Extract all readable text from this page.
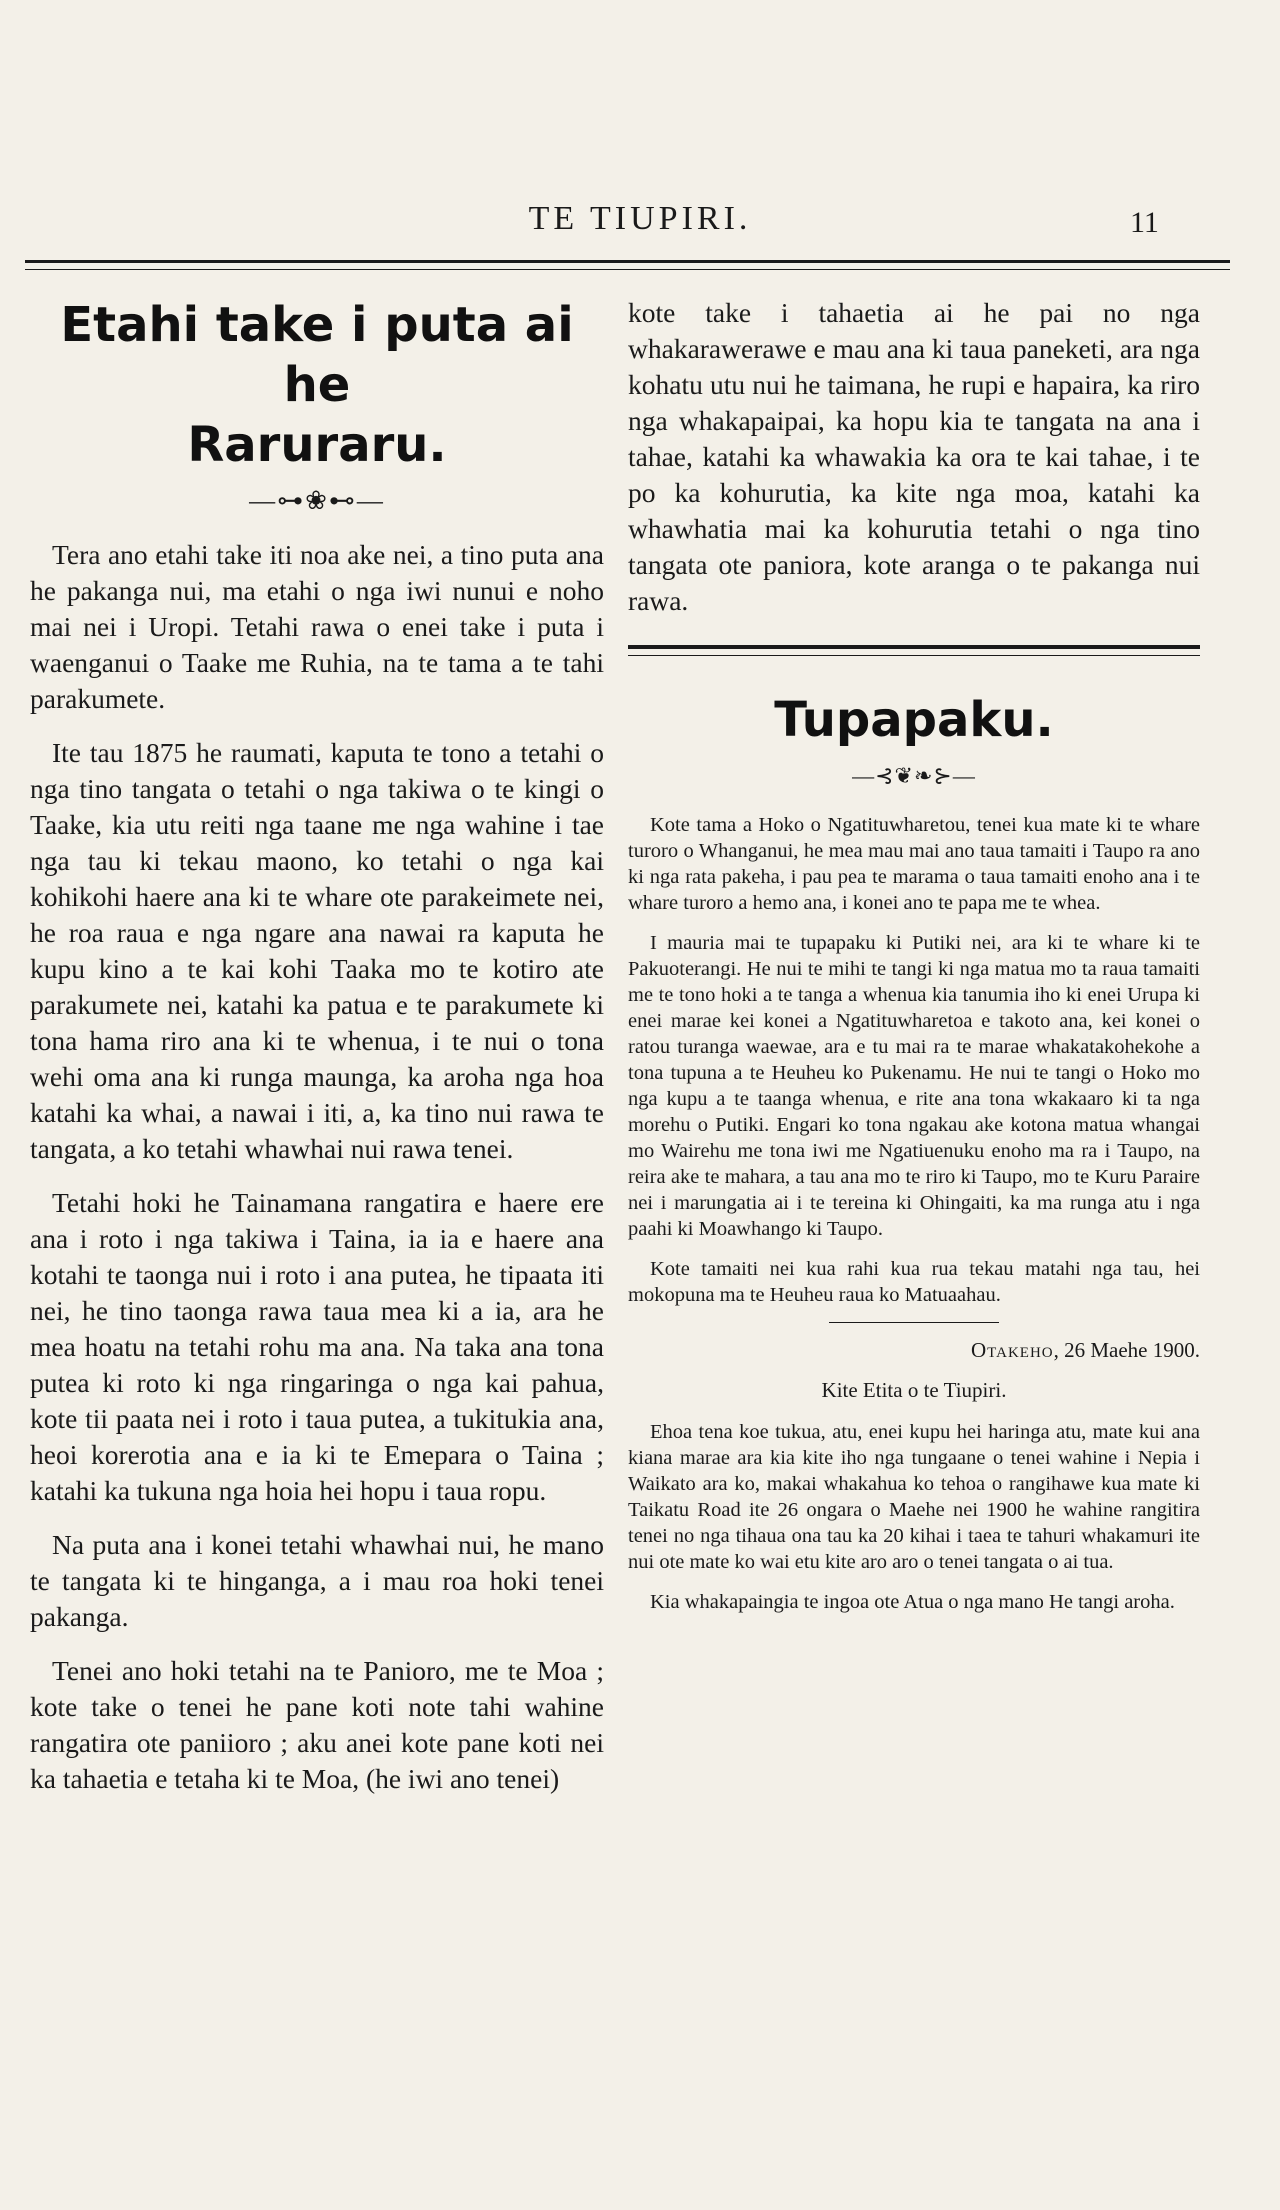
TE TIUPIRI.	11
Etahi take i puta ai he
Raruraru.
—⊶❀⊷—

Tera ano etahi take iti noa ake nei, a tino puta ana he pakanga nui, ma etahi o nga iwi nunui e noho mai nei i Uropi. Tetahi rawa o enei take i puta i waenganui o Taake me Ruhia, na te tama a te tahi parakumete.

Ite tau 1875 he raumati, kaputa te tono a tetahi o nga tino tangata o tetahi o nga takiwa o te kingi o Taake, kia utu reiti nga taane me nga wahine i tae nga tau ki tekau maono, ko tetahi o nga kai kohikohi haere ana ki te whare ote parakeimete nei, he roa raua e nga ngare ana nawai ra kaputa he kupu kino a te kai kohi Taaka mo te kotiro ate parakumete nei, katahi ka patua e te parakumete ki tona hama riro ana ki te whenua, i te nui o tona wehi oma ana ki runga maunga, ka aroha nga hoa katahi ka whai, a nawai i iti, a, ka tino nui rawa te tangata, a ko tetahi whawhai nui rawa tenei.

Tetahi hoki he Tainamana rangatira e haere ere ana i roto i nga takiwa i Taina, ia ia e haere ana kotahi te taonga nui i roto i ana putea, he tipaata iti nei, he tino taonga rawa taua mea ki a ia, ara he mea hoatu na tetahi rohu ma ana. Na taka ana tona putea ki roto ki nga ringaringa o nga kai pahua, kote tii paata nei i roto i taua putea, a tukitukia ana, heoi korerotia ana e ia ki te Emepara o Taina ; katahi ka tukuna nga hoia hei hopu i taua ropu.

Na puta ana i konei tetahi whawhai nui, he mano te tangata ki te hinganga, a i mau roa hoki tenei pakanga.

Tenei ano hoki tetahi na te Panioro, me te Moa ; kote take o tenei he pane koti note tahi wahine rangatira ote paniioro ; aku anei kote pane koti nei ka tahaetia e tetaha ki te Moa, (he iwi ano tenei)

kote take i tahaetia ai he pai no nga whakarawerawe e mau ana ki taua paneketi, ara nga kohatu utu nui he taimana, he rupi e hapaira, ka riro nga whakapaipai, ka hopu kia te tangata na ana i tahae, katahi ka whawakia ka ora te kai tahae, i te po ka kohurutia, ka kite nga moa, katahi ka whawhatia mai ka kohurutia tetahi o nga tino tangata ote paniora, kote aranga o te pakanga nui rawa.

Tupapaku.
—⊰❦❧⊱—

Kote tama a Hoko o Ngatituwharetou, tenei kua mate ki te whare turoro o Whanganui, he mea mau mai ano taua tamaiti i Taupo ra ano ki nga rata pakeha, i pau pea te marama o taua tamaiti enoho ana i te whare turoro a hemo ana, i konei ano te papa me te whea.

I mauria mai te tupapaku ki Putiki nei, ara ki te whare ki te Pakuoterangi. He nui te mihi te tangi ki nga matua mo ta raua tamaiti me te tono hoki a te tanga a whenua kia tanumia iho ki enei Urupa ki enei marae kei konei a Ngatituwharetoa e takoto ana, kei konei o ratou turanga waewae, ara e tu mai ra te marae whakatakohekohe a tona tupuna a te Heuheu ko Pukenamu. He nui te tangi o Hoko mo nga kupu a te taanga whenua, e rite ana tona wkakaaro ki ta nga morehu o Putiki. Engari ko tona ngakau ake kotona matua whangai mo Wairehu me tona iwi me Ngatiuenuku enoho ma ra i Taupo, na reira ake te mahara, a tau ana mo te riro ki Taupo, mo te Kuru Paraire nei i marungatia ai i te tereina ki Ohingaiti, ka ma runga atu i nga paahi ki Moawhango ki Taupo.

Kote tamaiti nei kua rahi kua rua tekau matahi nga tau, hei mokopuna ma te Heuheu raua ko Matuaahau.

Otakeho, 26 Maehe 1900.
Kite Etita o te Tiupiri.

Ehoa tena koe tukua, atu, enei kupu hei haringa atu, mate kui ana kiana marae ara kia kite iho nga tungaane o tenei wahine i Nepia i Waikato ara ko, makai whakahua ko tehoa o rangihawe kua mate ki Taikatu Road ite 26 ongara o Maehe nei 1900 he wahine rangitira tenei no nga tihaua ona tau ka 20 kihai i taea te tahuri whakamuri ite nui ote mate ko wai etu kite aro aro o tenei tangata o ai tua.

Kia whakapaingia te ingoa ote Atua o nga mano He tangi aroha.
